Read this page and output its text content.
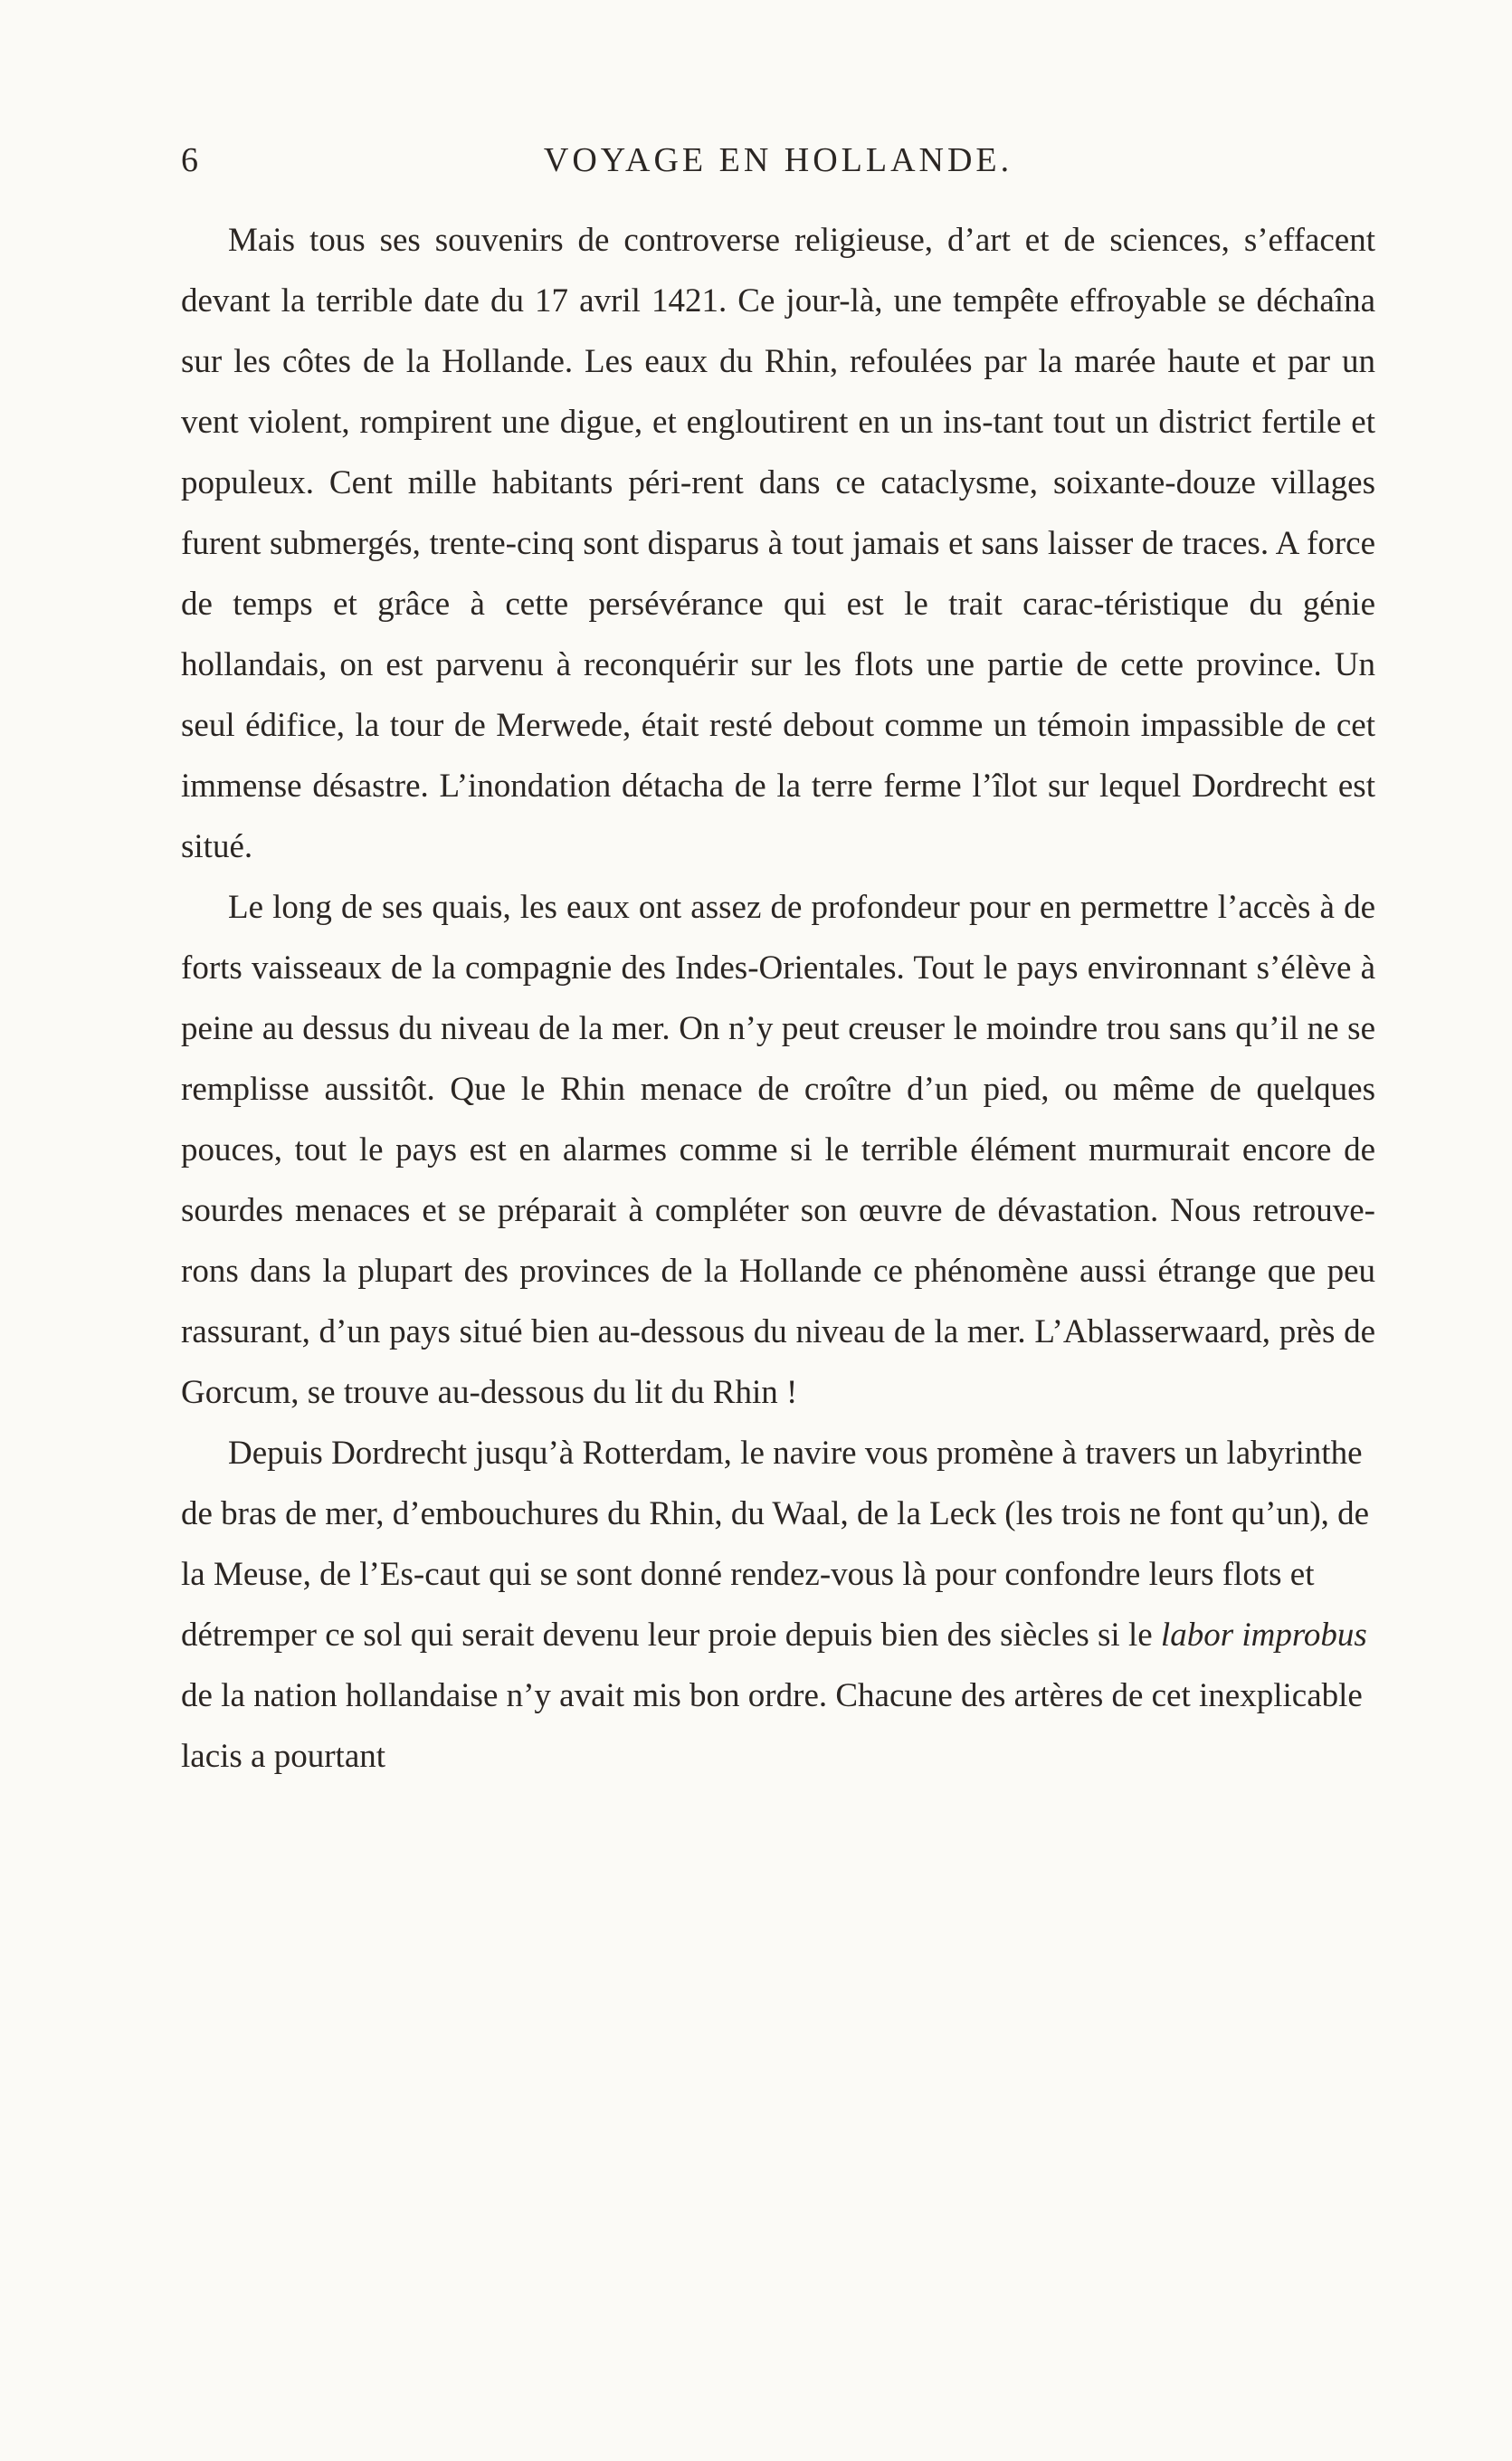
6	VOYAGE EN HOLLANDE.

Mais tous ses souvenirs de controverse religieuse, d’art et de sciences, s’effacent devant la terrible date du 17 avril 1421. Ce jour-là, une tempête effroyable se déchaîna sur les côtes de la Hollande. Les eaux du Rhin, refoulées par la marée haute et par un vent violent, rompirent une digue, et engloutirent en un ins-tant tout un district fertile et populeux. Cent mille habitants péri-rent dans ce cataclysme, soixante-douze villages furent submergés, trente-cinq sont disparus à tout jamais et sans laisser de traces. A force de temps et grâce à cette persévérance qui est le trait carac-téristique du génie hollandais, on est parvenu à reconquérir sur les flots une partie de cette province. Un seul édifice, la tour de Merwede, était resté debout comme un témoin impassible de cet immense désastre. L’inondation détacha de la terre ferme l’îlot sur lequel Dordrecht est situé.

Le long de ses quais, les eaux ont assez de profondeur pour en permettre l’accès à de forts vaisseaux de la compagnie des Indes-Orientales. Tout le pays environnant s’élève à peine au dessus du niveau de la mer. On n’y peut creuser le moindre trou sans qu’il ne se remplisse aussitôt. Que le Rhin menace de croître d’un pied, ou même de quelques pouces, tout le pays est en alarmes comme si le terrible élément murmurait encore de sourdes menaces et se préparait à compléter son œuvre de dévastation. Nous retrouve-rons dans la plupart des provinces de la Hollande ce phénomène aussi étrange que peu rassurant, d’un pays situé bien au-dessous du niveau de la mer. L’Ablasserwaard, près de Gorcum, se trouve au-dessous du lit du Rhin !

Depuis Dordrecht jusqu’à Rotterdam, le navire vous promène à travers un labyrinthe de bras de mer, d’embouchures du Rhin, du Waal, de la Leck (les trois ne font qu’un), de la Meuse, de l’Es-caut qui se sont donné rendez-vous là pour confondre leurs flots et détremper ce sol qui serait devenu leur proie depuis bien des siècles si le labor improbus de la nation hollandaise n’y avait mis bon ordre. Chacune des artères de cet inexplicable lacis a pourtant
